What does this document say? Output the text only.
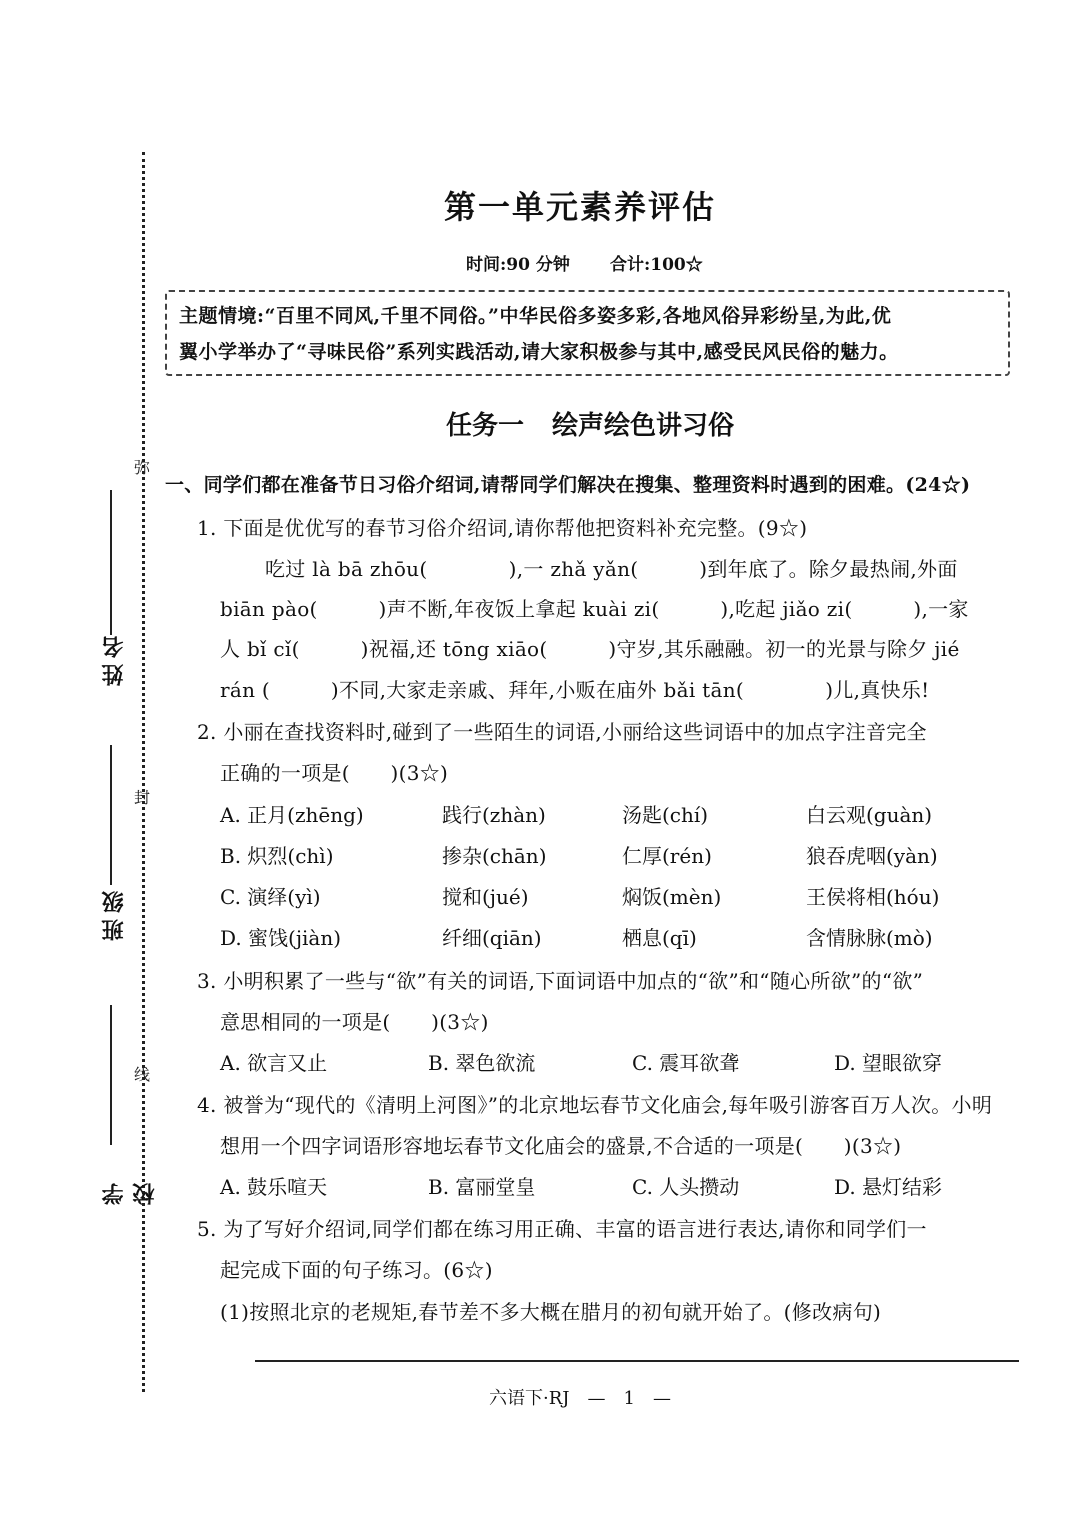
弥
封
线
姓名
班级
学校
第一单元素养评估
时间:90 分钟 合计:100☆
主题情境:“百里不同风,千里不同俗。”中华民俗多姿多彩,各地风俗异彩纷呈,为此,优
翼小学举办了“寻味民俗”系列实践活动,请大家积极参与其中,感受民风民俗的魅力。
任务一 绘声绘色讲习俗
一、同学们都在准备节日习俗介绍词,请帮同学们解决在搜集、整理资料时遇到的困难。(24☆)
1. 下面是优优写的春节习俗介绍词,请你帮他把资料补充完整。(9☆)
吃过 là bā zhōu(　　　　),一 zhǎ yǎn(　　　)到年底了。除夕最热闹,外面
biān pào(　　　)声不断,年夜饭上拿起 kuài zi(　　　),吃起 jiǎo zi(　　　),一家
人 bǐ cǐ(　　　)祝福,还 tōng xiāo(　　　)守岁,其乐融融。初一的光景与除夕 jié
rán (　　　)不同,大家走亲戚、拜年,小贩在庙外 bǎi tān(　　　　)儿,真快乐!
2. 小丽在查找资料时,碰到了一些陌生的词语,小丽给这些词语中的加点字注音完全
正确的一项是(　　)(3☆)
A. 正月(zhēng)	践行(zhàn)	汤匙(chí)	白云观(guàn)
B. 炽烈(chì)	掺杂(chān)	仁厚(rén)	狼吞虎咽(yàn)
C. 演绎(yì)	搅和(jué)	焖饭(mèn)	王侯将相(hóu)
D. 蜜饯(jiàn)	纤细(qiān)	栖息(qī)	含情脉脉(mò)
3. 小明积累了一些与“欲”有关的词语,下面词语中加点的“欲”和“随心所欲”的“欲”
意思相同的一项是(　　)(3☆)
A. 欲言又止	B. 翠色欲流	C. 震耳欲聋	D. 望眼欲穿
4. 被誉为“现代的《清明上河图》”的北京地坛春节文化庙会,每年吸引游客百万人次。小明
想用一个四字词语形容地坛春节文化庙会的盛景,不合适的一项是(　　)(3☆)
A. 鼓乐喧天	B. 富丽堂皇	C. 人头攒动	D. 悬灯结彩
5. 为了写好介绍词,同学们都在练习用正确、丰富的语言进行表达,请你和同学们一
起完成下面的句子练习。(6☆)
(1)按照北京的老规矩,春节差不多大概在腊月的初旬就开始了。(修改病句)
六语下·RJ　—　1　—
